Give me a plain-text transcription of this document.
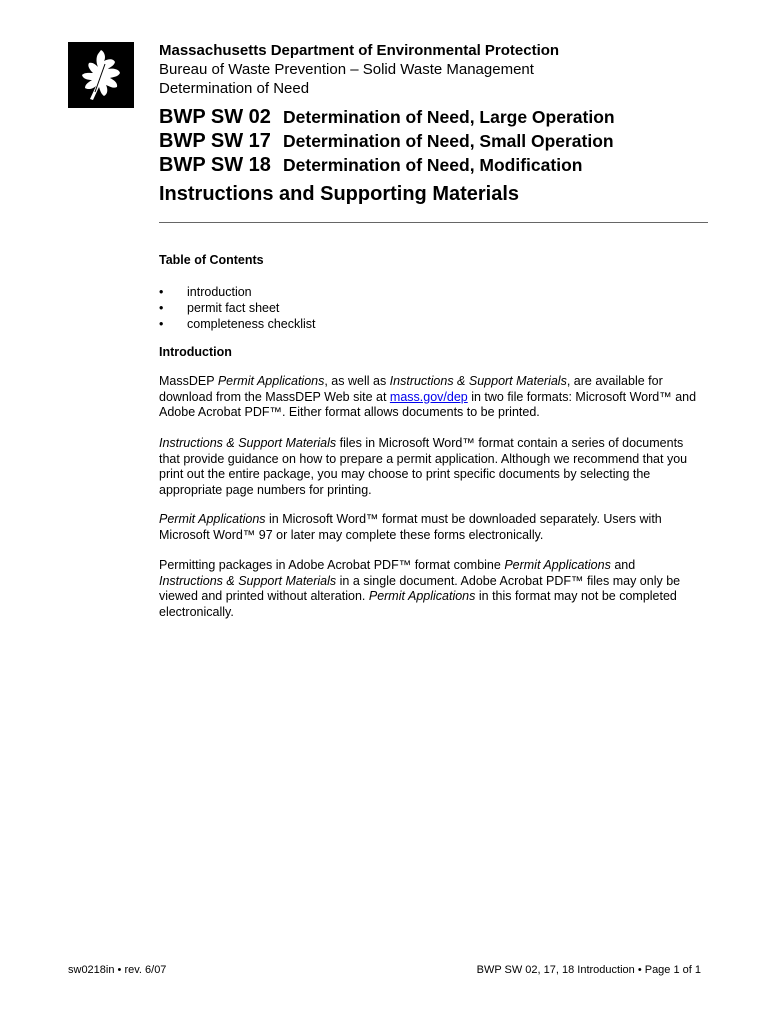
Massachusetts Department of Environmental Protection
Bureau of Waste Prevention – Solid Waste Management
Determination of Need
BWP SW 02 Determination of Need, Large Operation
BWP SW 17 Determination of Need, Small Operation
BWP SW 18 Determination of Need, Modification
Instructions and Supporting Materials
Table of Contents
• introduction
• permit fact sheet
• completeness checklist
Introduction

MassDEP Permit Applications, as well as Instructions & Support Materials, are available for

download from the MassDEP Web site at mass.gov/dep in two file formats: Microsoft Word™ and

Adobe Acrobat PDF™. Either format allows documents to be printed.

Instructions & Support Materials files in Microsoft Word™ format contain a series of documents

that provide guidance on how to prepare a permit application. Although we recommend that you

print out the entire package, you may choose to print specific documents by selecting the

appropriate page numbers for printing.

Permit Applications in Microsoft Word™ format must be downloaded separately. Users with

Microsoft Word™ 97 or later may complete these forms electronically.

Permitting packages in Adobe Acrobat PDF™ format combine Permit Applications and

Instructions & Support Materials in a single document. Adobe Acrobat PDF™ files may only be

viewed and printed without alteration. Permit Applications in this format may not be completed

electronically.

sw0218in • rev. 6/07	BWP SW 02, 17, 18 Introduction • Page 1 of 1
